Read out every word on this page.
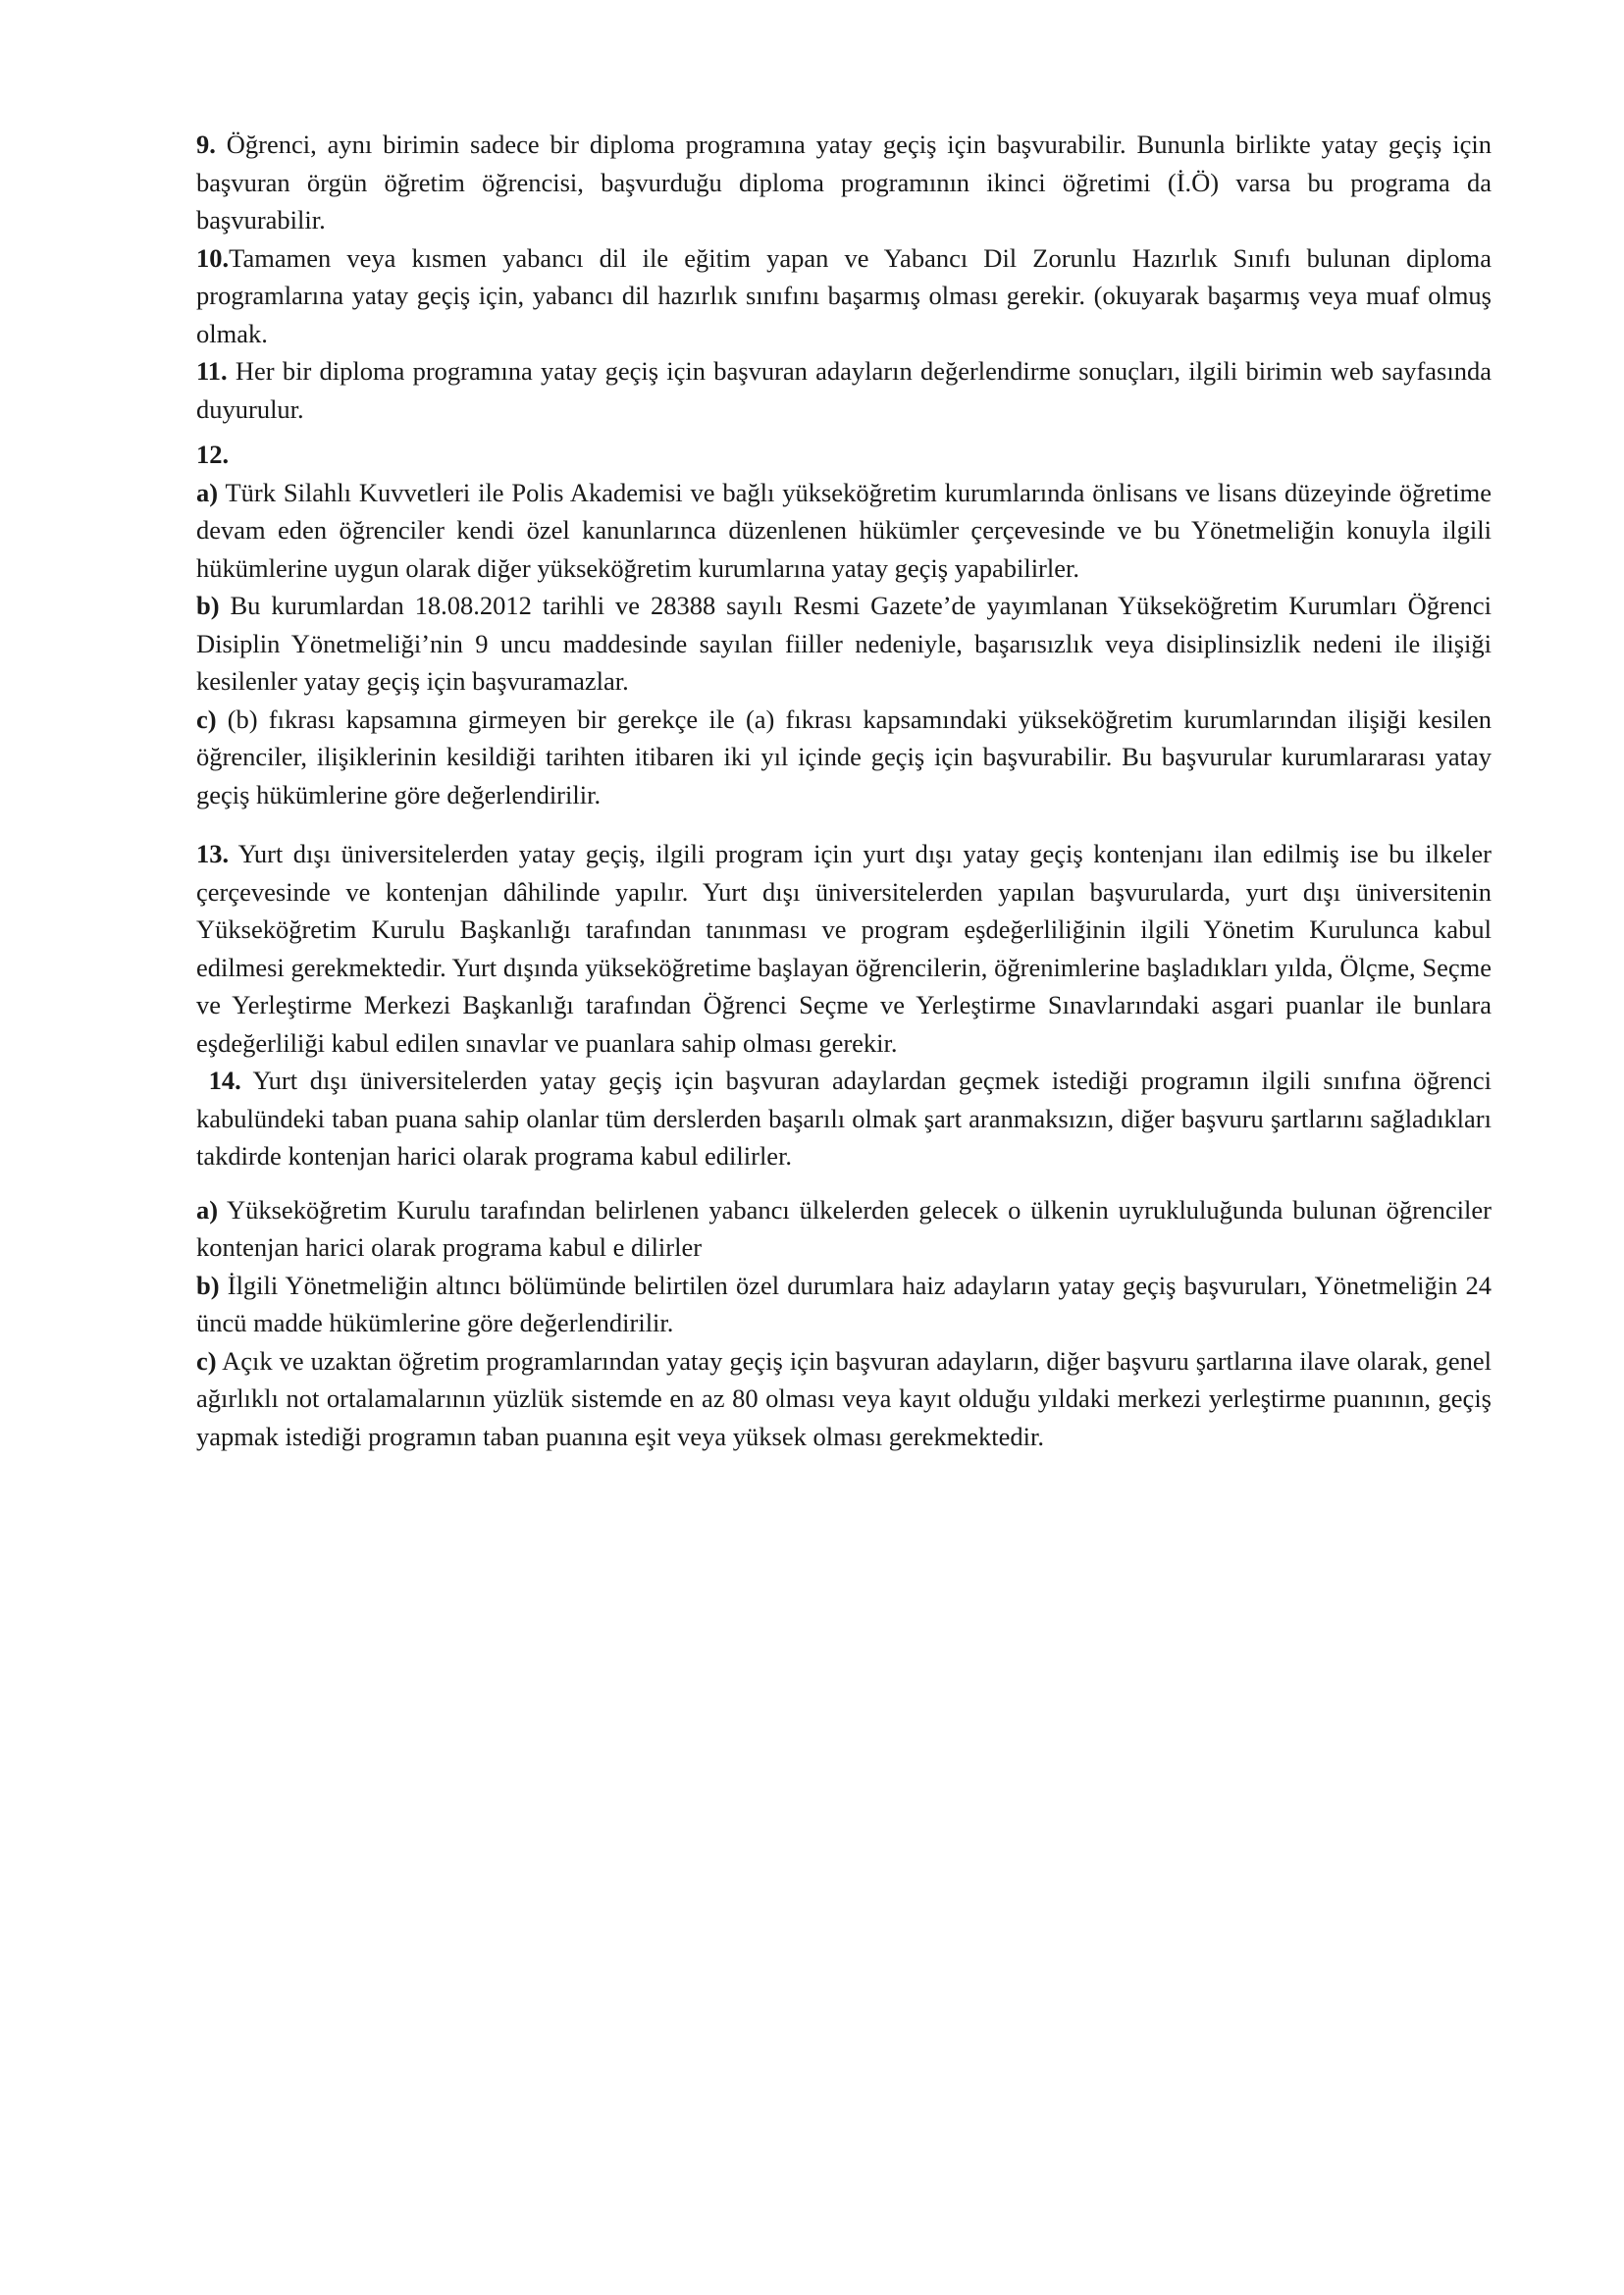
9. Öğrenci, aynı birimin sadece bir diploma programına yatay geçiş için başvurabilir. Bununla birlikte yatay geçiş için başvuran örgün öğretim öğrencisi, başvurduğu diploma programının ikinci öğretimi (İ.Ö) varsa bu programa da başvurabilir.

10.Tamamen veya kısmen yabancı dil ile eğitim yapan ve Yabancı Dil Zorunlu Hazırlık Sınıfı bulunan diploma programlarına yatay geçiş için, yabancı dil hazırlık sınıfını başarmış olması gerekir. (okuyarak başarmış veya muaf olmuş olmak.

11. Her bir diploma programına yatay geçiş için başvuran adayların değerlendirme sonuçları, ilgili birimin web sayfasında duyurulur.

12.

a) Türk Silahlı Kuvvetleri ile Polis Akademisi ve bağlı yükseköğretim kurumlarında önlisans ve lisans düzeyinde öğretime devam eden öğrenciler kendi özel kanunlarınca düzenlenen hükümler çerçevesinde ve bu Yönetmeliğin konuyla ilgili hükümlerine uygun olarak diğer yükseköğretim kurumlarına yatay geçiş yapabilirler.

b) Bu kurumlardan 18.08.2012 tarihli ve 28388 sayılı Resmi Gazete’de yayımlanan Yükseköğretim Kurumları Öğrenci Disiplin Yönetmeliği’nin 9 uncu maddesinde sayılan fiiller nedeniyle, başarısızlık veya disiplinsizlik nedeni ile ilişiği kesilenler yatay geçiş için başvuramazlar.

c) (b) fıkrası kapsamına girmeyen bir gerekçe ile (a) fıkrası kapsamındaki yükseköğretim kurumlarından ilişiği kesilen öğrenciler, ilişiklerinin kesildiği tarihten itibaren iki yıl içinde geçiş için başvurabilir. Bu başvurular kurumlararası yatay geçiş hükümlerine göre değerlendirilir.

13. Yurt dışı üniversitelerden yatay geçiş, ilgili program için yurt dışı yatay geçiş kontenjanı ilan edilmiş ise bu ilkeler çerçevesinde ve kontenjan dâhilinde yapılır. Yurt dışı üniversitelerden yapılan başvurularda, yurt dışı üniversitenin Yükseköğretim Kurulu Başkanlığı tarafından tanınması ve program eşdeğerliliğinin ilgili Yönetim Kurulunca kabul edilmesi gerekmektedir. Yurt dışında yükseköğretime başlayan öğrencilerin, öğrenimlerine başladıkları yılda, Ölçme, Seçme ve Yerleştirme Merkezi Başkanlığı tarafından Öğrenci Seçme ve Yerleştirme Sınavlarındaki asgari puanlar ile bunlara eşdeğerliliği kabul edilen sınavlar ve puanlara sahip olması gerekir.

14. Yurt dışı üniversitelerden yatay geçiş için başvuran adaylardan geçmek istediği programın ilgili sınıfına öğrenci kabulündeki taban puana sahip olanlar tüm derslerden başarılı olmak şart aranmaksızın, diğer başvuru şartlarını sağladıkları takdirde kontenjan harici olarak programa kabul edilirler.

a) Yükseköğretim Kurulu tarafından belirlenen yabancı ülkelerden gelecek o ülkenin uyrukluluğunda bulunan öğrenciler kontenjan harici olarak programa kabul e dilirler

b) İlgili Yönetmeliğin altıncı bölümünde belirtilen özel durumlara haiz adayların yatay geçiş başvuruları, Yönetmeliğin 24 üncü madde hükümlerine göre değerlendirilir.

c) Açık ve uzaktan öğretim programlarından yatay geçiş için başvuran adayların, diğer başvuru şartlarına ilave olarak, genel ağırlıklı not ortalamalarının yüzlük sistemde en az 80 olması veya kayıt olduğu yıldaki merkezi yerleştirme puanının, geçiş yapmak istediği programın taban puanına eşit veya yüksek olması gerekmektedir.
